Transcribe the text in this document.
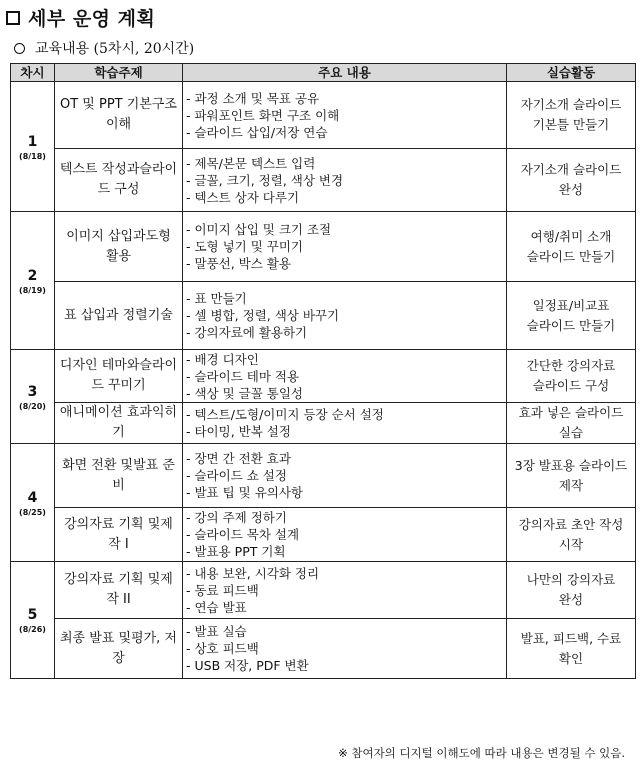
세부 운영 계획
교육내용 (5차시, 20시간)
차시	학습주제	주요 내용	실습활동

1
(8/18)	OT 및 PPT 기본구조 이해	- 과정 소개 및 목표 공유
- 파워포인트 화면 구조 이해
- 슬라이드 삽입/저장 연습	자기소개 슬라이드
기본틀 만들기

	텍스트 작성과슬라이드 구성	- 제목/본문 텍스트 입력
- 글꼴, 크기, 정렬, 색상 변경
- 텍스트 상자 다루기	자기소개 슬라이드
완성

2
(8/19)	이미지 삽입과도형 활용	- 이미지 삽입 및 크기 조절
- 도형 넣기 및 꾸미기
- 말풍선, 박스 활용	여행/취미 소개
슬라이드 만들기

	표 삽입과 정렬기술	- 표 만들기
- 셀 병합, 정렬, 색상 바꾸기
- 강의자료에 활용하기	일정표/비교표
슬라이드 만들기

3
(8/20)	디자인 테마와슬라이드 꾸미기	- 배경 디자인
- 슬라이드 테마 적용
- 색상 및 글꼴 통일성	간단한 강의자료
슬라이드 구성

	애니메이션 효과익히기	- 텍스트/도형/이미지 등장 순서 설정
- 타이밍, 반복 설정	효과 넣은 슬라이드
실습

4
(8/25)	화면 전환 및발표 준비	- 장면 간 전환 효과
- 슬라이드 쇼 설정
- 발표 팁 및 유의사항	3장 발표용 슬라이드
제작

	강의자료 기획 및제작 I	- 강의 주제 정하기
- 슬라이드 목차 설계
- 발표용 PPT 기획	강의자료 초안 작성
시작

5
(8/26)	강의자료 기획 및제작 II	- 내용 보완, 시각화 정리
- 동료 피드백
- 연습 발표	나만의 강의자료
완성

	최종 발표 및평가, 저장	- 발표 실습
- 상호 피드백
- USB 저장, PDF 변환	발표, 피드백, 수료
확인
※ 참여자의 디지털 이해도에 따라 내용은 변경될 수 있음.
